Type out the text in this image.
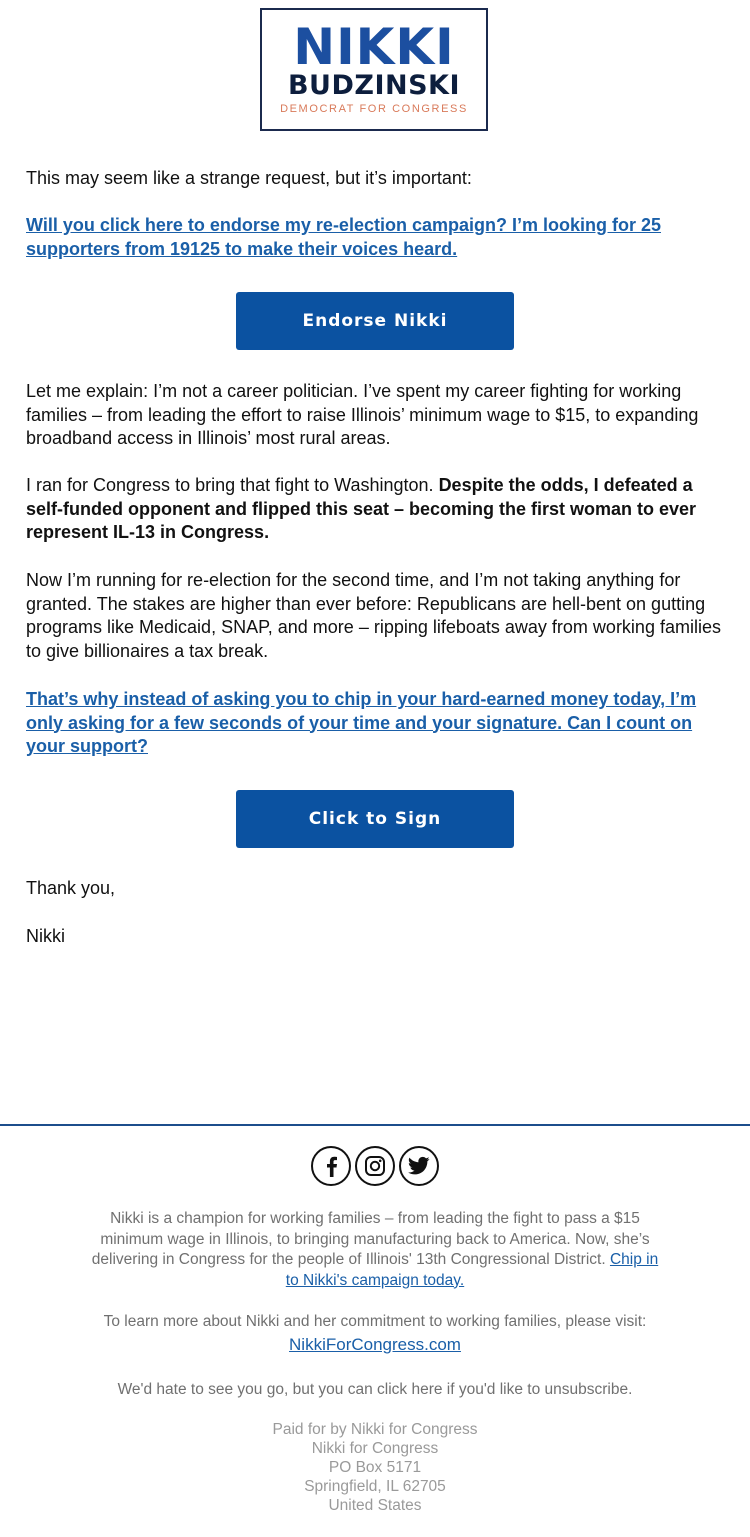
NIKKI
BUDZINSKI
DEMOCRAT FOR CONGRESS

This may seem like a strange request, but it’s important:

Will you click here to endorse my re-election campaign? I’m looking for 25 supporters from 19125 to make their voices heard.

Endorse Nikki

Let me explain: I’m not a career politician. I’ve spent my career fighting for working families – from leading the effort to raise Illinois’ minimum wage to $15, to expanding broadband access in Illinois’ most rural areas.

I ran for Congress to bring that fight to Washington. Despite the odds, I defeated a self-funded opponent and flipped this seat – becoming the first woman to ever represent IL-13 in Congress.

Now I’m running for re-election for the second time, and I’m not taking anything for granted. The stakes are higher than ever before: Republicans are hell-bent on gutting programs like Medicaid, SNAP, and more – ripping lifeboats away from working families to give billionaires a tax break.

That’s why instead of asking you to chip in your hard-earned money today, I’m only asking for a few seconds of your time and your signature. Can I count on your support?

Click to Sign

Thank you,

Nikki

Nikki is a champion for working families – from leading the fight to pass a $15 minimum wage in Illinois, to bringing manufacturing back to America. Now, she’s delivering in Congress for the people of Illinois' 13th Congressional District. Chip in to Nikki's campaign today.
To learn more about Nikki and her commitment to working families, please visit:
NikkiForCongress.com
We'd hate to see you go, but you can click here if you'd like to unsubscribe.
Paid for by Nikki for Congress
Nikki for Congress
PO Box 5171
Springfield, IL 62705
United States
